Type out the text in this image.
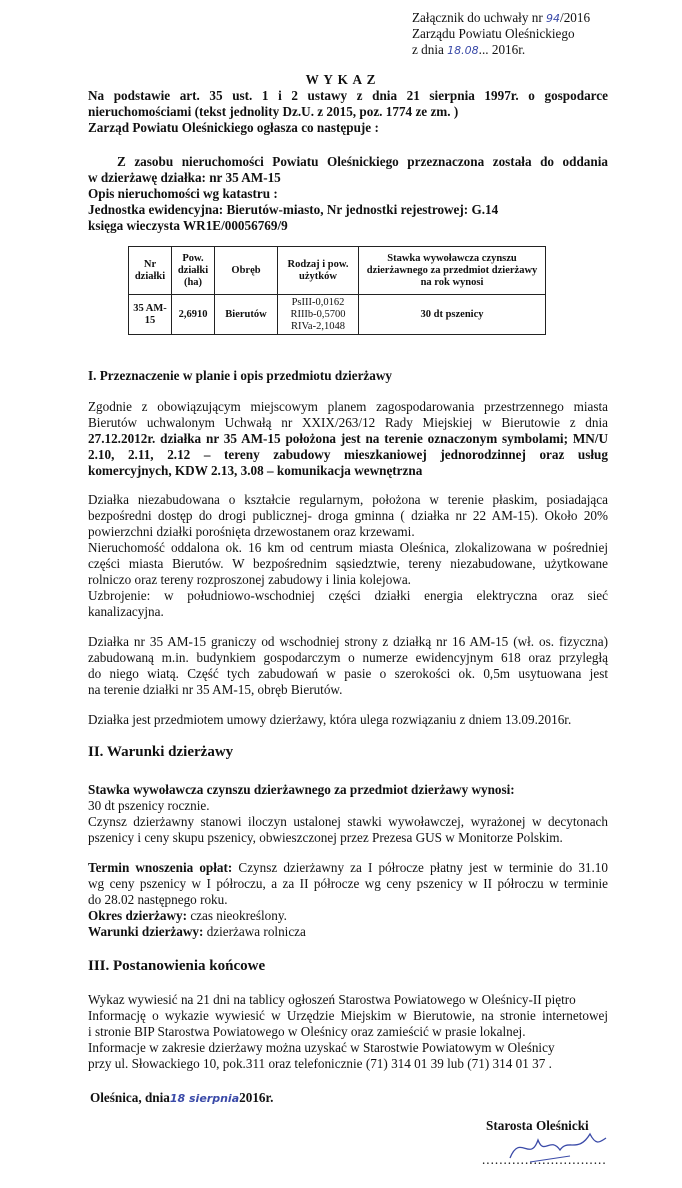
Załącznik do uchwały nr 94/2016
Zarządu Powiatu Oleśnickiego
z dnia 18.08... 2016r.
W Y K A Z
Na podstawie art. 35 ust. 1 i 2 ustawy z dnia 21 sierpnia 1997r. o gospodarce
nieruchomościami (tekst jednolity Dz.U. z 2015, poz. 1774 ze zm. )
Zarząd Powiatu Oleśnickiego ogłasza co następuje :
Z zasobu nieruchomości Powiatu Oleśnickiego przeznaczona została do oddania
w dzierżawę działka: nr 35 AM-15
Opis nieruchomości wg katastru :
Jednostka ewidencyjna: Bierutów-miasto, Nr jednostki rejestrowej: G.14
księga wieczysta WR1E/00056769/9
Nr działki	Pow. działki (ha)	Obręb	Rodzaj i pow. użytków	Stawka wywoławcza czynszu dzierżawnego za przedmiot dzierżawy na rok wynosi
35 AM-15	2,6910	Bierutów	PsIII-0,0162
RIIIb-0,5700
RIVa-2,1048	30 dt pszenicy
I. Przeznaczenie w planie i opis przedmiotu dzierżawy
Zgodnie z obowiązującym miejscowym planem zagospodarowania przestrzennego miasta
Bierutów uchwalonym Uchwałą nr XXIX/263/12 Rady Miejskiej w Bierutowie z dnia
27.12.2012r. działka nr 35 AM-15 położona jest na terenie oznaczonym symbolami; MN/U
2.10, 2.11, 2.12 – tereny zabudowy mieszkaniowej jednorodzinnej oraz usług
komercyjnych, KDW 2.13, 3.08 – komunikacja wewnętrzna
Działka niezabudowana o kształcie regularnym, położona w terenie płaskim, posiadająca
bezpośredni dostęp do drogi publicznej- droga gminna ( działka nr 22 AM-15). Około 20%
powierzchni działki porośnięta drzewostanem oraz krzewami.
Nieruchomość oddalona ok. 16 km od centrum miasta Oleśnica, zlokalizowana w pośredniej
części miasta Bierutów. W bezpośrednim sąsiedztwie, tereny niezabudowane, użytkowane
rolniczo oraz tereny rozproszonej zabudowy i linia kolejowa.
Uzbrojenie: w południowo-wschodniej części działki energia elektryczna oraz sieć
kanalizacyjna.
Działka nr 35 AM-15 graniczy od wschodniej strony z działką nr 16 AM-15 (wł. os. fizyczna)
zabudowaną m.in. budynkiem gospodarczym o numerze ewidencyjnym 618 oraz przyległą
do niego wiatą. Część tych zabudowań w pasie o szerokości ok. 0,5m usytuowana jest
na terenie działki nr 35 AM-15, obręb Bierutów.
Działka jest przedmiotem umowy dzierżawy, która ulega rozwiązaniu z dniem 13.09.2016r.
II. Warunki dzierżawy
Stawka wywoławcza czynszu dzierżawnego za przedmiot dzierżawy wynosi:
30 dt pszenicy rocznie.
Czynsz dzierżawny stanowi iloczyn ustalonej stawki wywoławczej, wyrażonej w decytonach
pszenicy i ceny skupu pszenicy, obwieszczonej przez Prezesa GUS w Monitorze Polskim.
Termin wnoszenia opłat: Czynsz dzierżawny za I półrocze płatny jest w terminie do 31.10
wg ceny pszenicy w I półroczu, a za II półrocze wg ceny pszenicy w II półroczu w terminie
do 28.02 następnego roku.
Okres dzierżawy: czas nieokreślony.
Warunki dzierżawy: dzierżawa rolnicza
III. Postanowienia końcowe
Wykaz wywiesić na 21 dni na tablicy ogłoszeń Starostwa Powiatowego w Oleśnicy-II piętro
Informację o wykazie wywiesić w Urzędzie Miejskim w Bierutowie, na stronie internetowej
i stronie BIP Starostwa Powiatowego w Oleśnicy oraz zamieścić w prasie lokalnej.
Informacje w zakresie dzierżawy można uzyskać w Starostwie Powiatowym w Oleśnicy
przy ul. Słowackiego 10, pok.311 oraz telefonicznie (71) 314 01 39 lub (71) 314 01 37 .
Oleśnica, dnia18 sierpnia2016r.
Starosta Oleśnicki
.............................
